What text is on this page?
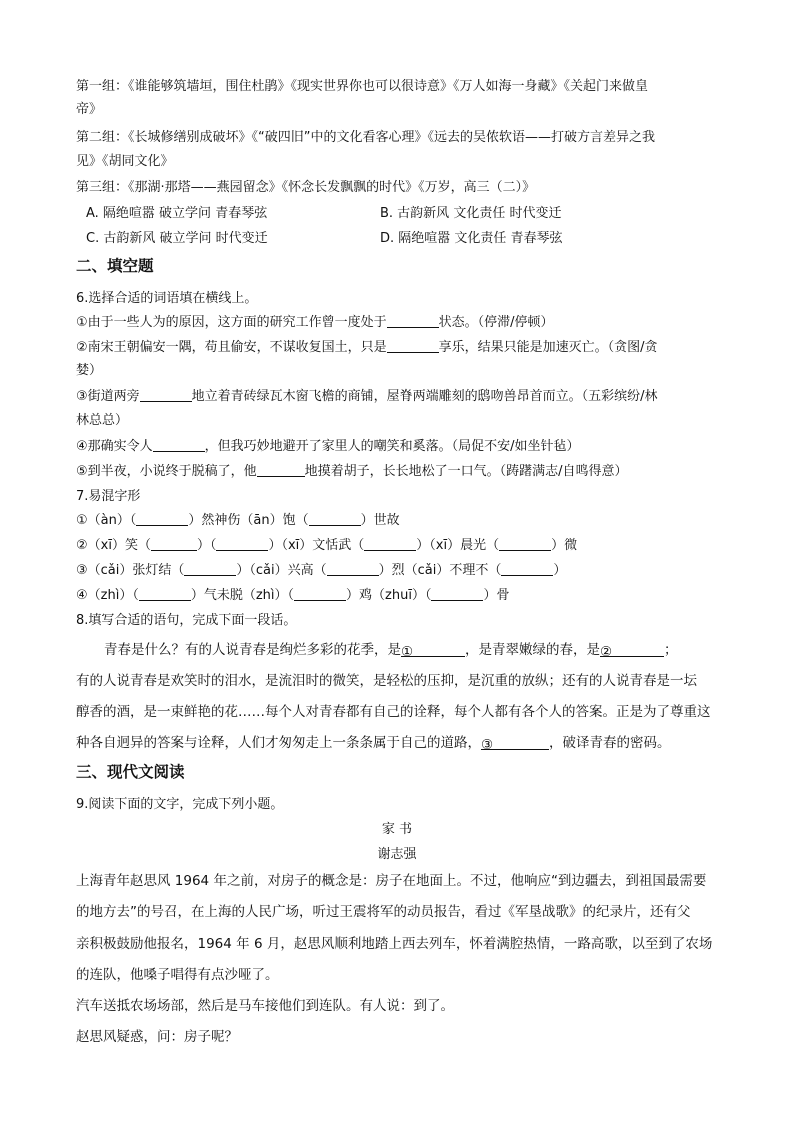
第一组：《谁能够筑墙垣，围住杜鹃》《现实世界你也可以很诗意》《万人如海一身藏》《关起门来做皇
帝》
第二组：《长城修缮别成破坏》《“破四旧”中的文化看客心理》《远去的吴侬软语——打破方言差异之我
见》《胡同文化》
第三组：《那湖·那塔——燕园留念》《怀念长发飘飘的时代》《万岁，高三（二）》
A. 隔绝喧嚣 破立学问 青春琴弦	B. 古韵新风 文化责任 时代变迁
C. 古韵新风 破立学问 时代变迁	D. 隔绝喧嚣 文化责任 青春琴弦
二、填空题
6.选择合适的词语填在横线上。
①由于一些人为的原因，这方面的研究工作曾一度处于	状态。（停滞/停顿）
②南宋王朝偏安一隅，苟且偷安，不谋收复国土，只是	享乐，结果只能是加速灭亡。（贪图/贪
婪）
③街道两旁	地立着青砖绿瓦木窗飞檐的商铺，屋脊两端雕刻的鸱吻兽昂首而立。（五彩缤纷/林
林总总）
④那确实令人	，但我巧妙地避开了家里人的嘲笑和奚落。（局促不安/如坐针毡）
⑤到半夜，小说终于脱稿了，他	地摸着胡子，长长地松了一口气。（踌躇满志/自鸣得意）
7.易混字形
①（àn）（	）然神伤（ān）饱（	）世故
②（xī）笑（	）（	）（xī）文恬武（	）（xī）晨光（	）微
③（cǎi）张灯结（	）（cǎi）兴高（	）烈（cǎi）不理不（	）
④（zhì）（	）气未脱（zhì）（	）鸡（zhuī）（	）骨
8.填写合适的语句，完成下面一段话。
青春是什么？有的人说青春是绚烂多彩的花季，是①	，是青翠嫩绿的春，是②	；
有的人说青春是欢笑时的泪水，是流泪时的微笑，是轻松的压抑，是沉重的放纵；还有的人说青春是一坛
醇香的酒，是一束鲜艳的花……每个人对青春都有自己的诠释，每个人都有各个人的答案。正是为了尊重这
种各自迥异的答案与诠释，人们才匆匆走上一条条属于自己的道路，③	，破译青春的密码。
三、现代文阅读
9.阅读下面的文字，完成下列小题。
家 书
谢志强
上海青年赵思风 1964 年之前，对房子的概念是：房子在地面上。不过，他响应“到边疆去，到祖国最需要
的地方去”的号召，在上海的人民广场，听过王震将军的动员报告，看过《军垦战歌》的纪录片，还有父
亲积极鼓励他报名，1964 年 6 月，赵思风顺利地踏上西去列车，怀着满腔热情，一路高歌，以至到了农场
的连队，他嗓子唱得有点沙哑了。
汽车送抵农场场部，然后是马车接他们到连队。有人说：到了。
赵思风疑惑，问：房子呢？
